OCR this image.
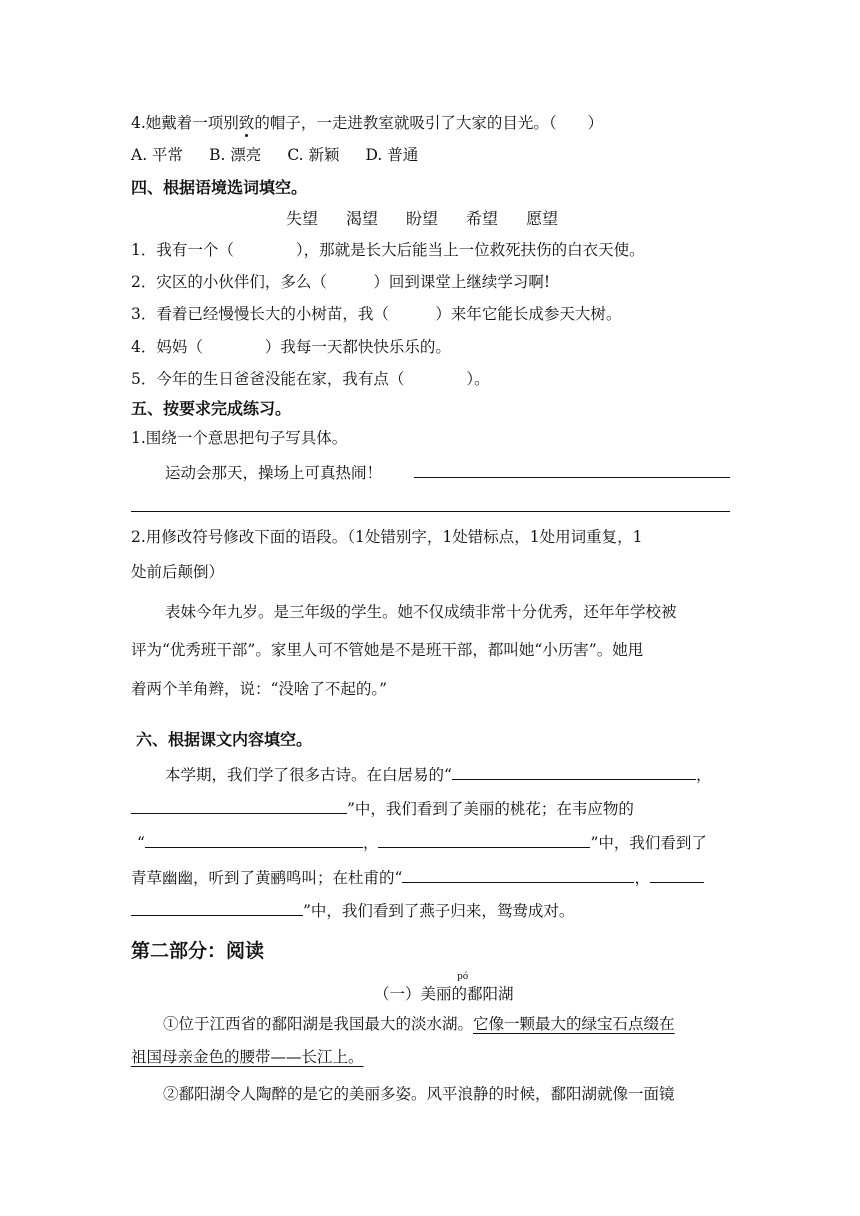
4.她戴着一项别致的帽子，一走进教室就吸引了大家的目光。（　　）
A. 平常 B. 漂亮 C. 新颖 D. 普通
四、根据语境选词填空。
失望 渴望 盼望 希望 愿望
1．我有一个（　　　　），那就是长大后能当上一位救死扶伤的白衣天使。
2．灾区的小伙伴们，多么（　　　）回到课堂上继续学习啊!
3．看着已经慢慢长大的小树苗，我（　　　）来年它能长成参天大树。
4．妈妈（　　　　）我每一天都快快乐乐的。
5．今年的生日爸爸没能在家，我有点（　　　　）。
五、按要求完成练习。
1.围绕一个意思把句子写具体。
运动会那天，操场上可真热闹！
2.用修改符号修改下面的语段。（1处错别字，1处错标点，1处用词重复，1
处前后颠倒）
表妹今年九岁。是三年级的学生。她不仅成绩非常十分优秀，还年年学校被
评为“优秀班干部”。家里人可不管她是不是班干部，都叫她“小历害”。她甩
着两个羊角辫，说：“没啥了不起的。”
六、根据课文内容填空。
本学期，我们学了很多古诗。在白居易的“	，
”中，我们看到了美丽的桃花；在韦应物的
“	，	”中，我们看到了
青草幽幽，听到了黄鹂鸣叫；在杜甫的“	，
”中，我们看到了燕子归来，鸳鸯成对。
第二部分：阅读
pó
（一）美丽的鄱阳湖
①位于江西省的鄱阳湖是我国最大的淡水湖。它像一颗最大的绿宝石点缀在
祖国母亲金色的腰带——长江上。
②鄱阳湖令人陶醉的是它的美丽多姿。风平浪静的时候，鄱阳湖就像一面镜
